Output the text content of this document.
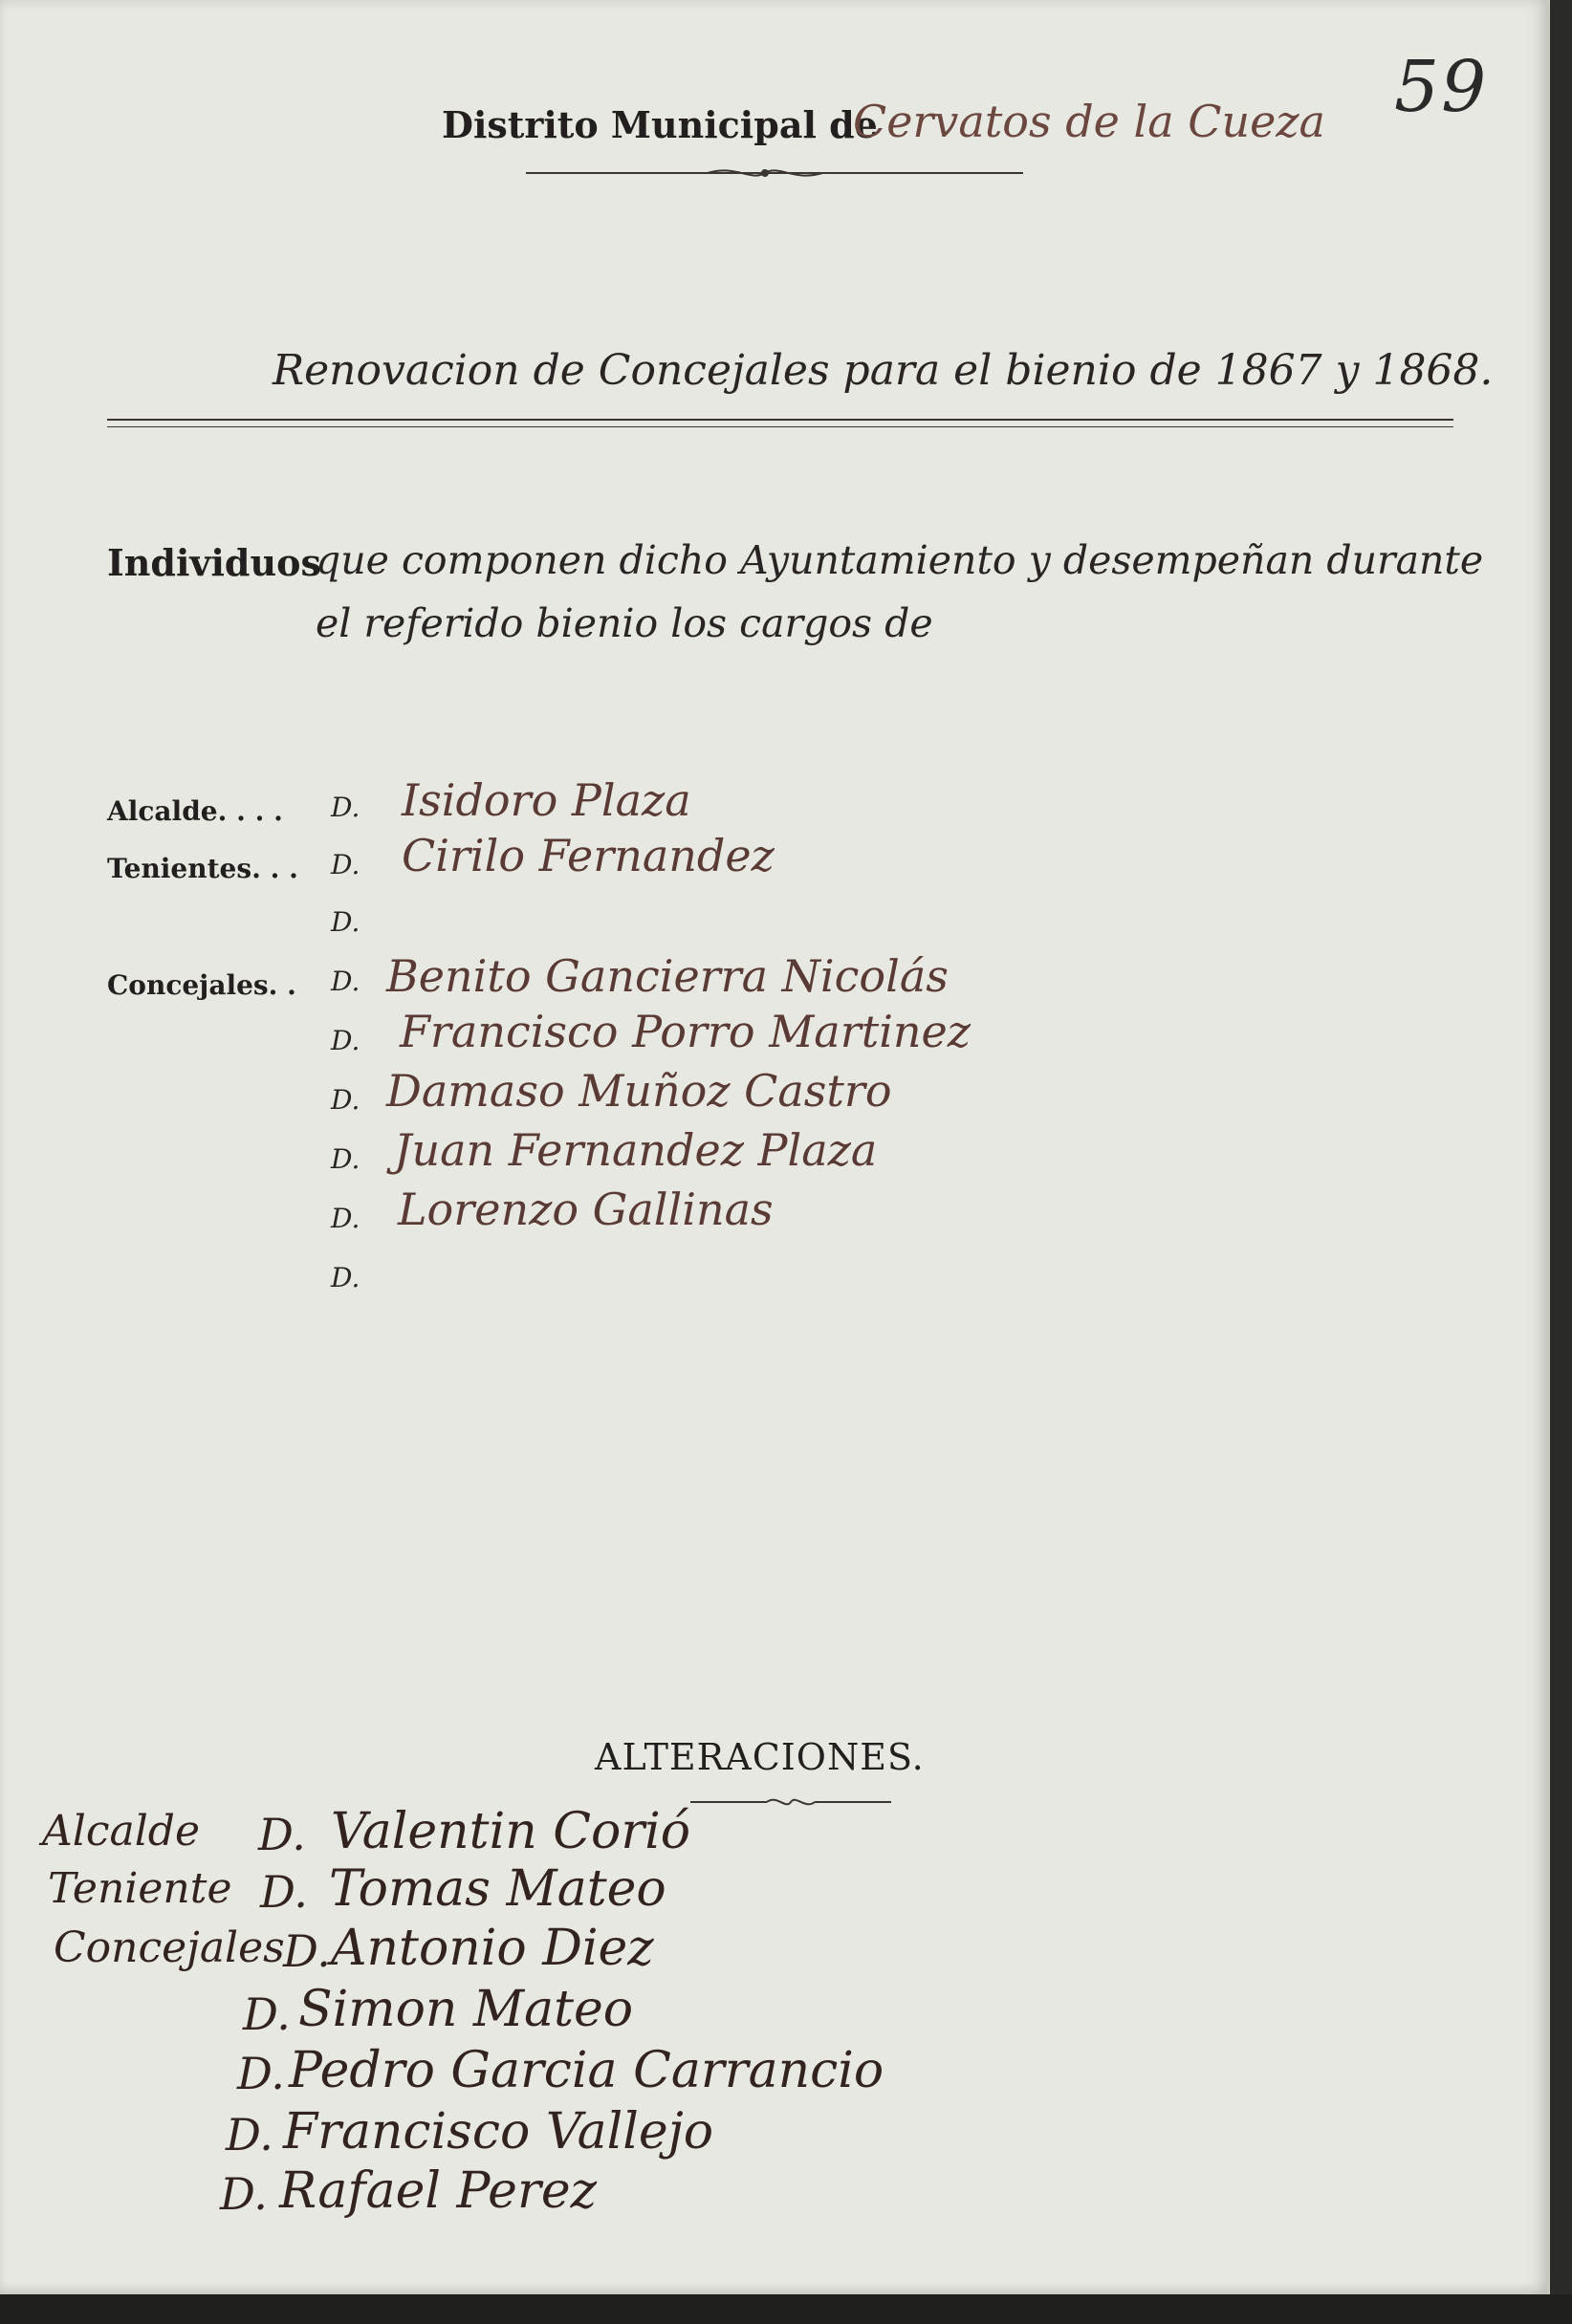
59
Distrito Municipal de
Cervatos de la Cueza
Renovacion de Concejales para el bienio de 1867 y 1868.
Individuos
que componen dicho Ayuntamiento y desempeñan durante
el referido bienio los cargos de
Alcalde. . . .
Tenientes. . .
Concejales. .
D.
D.
D.
D.
D.
D.
D.
D.
D.
Isidoro Plaza
Cirilo Fernandez
Benito Gancierra Nicolás
Francisco Porro Martinez
Damaso Muñoz Castro
Juan Fernandez Plaza
Lorenzo Gallinas
ALTERACIONES.
Alcalde
Teniente
Concejales
D.
D.
D.
D.
D.
D.
D.
Valentin Corió
Tomas Mateo
Antonio Diez
Simon Mateo
Pedro Garcia Carrancio
Francisco Vallejo
Rafael Perez
